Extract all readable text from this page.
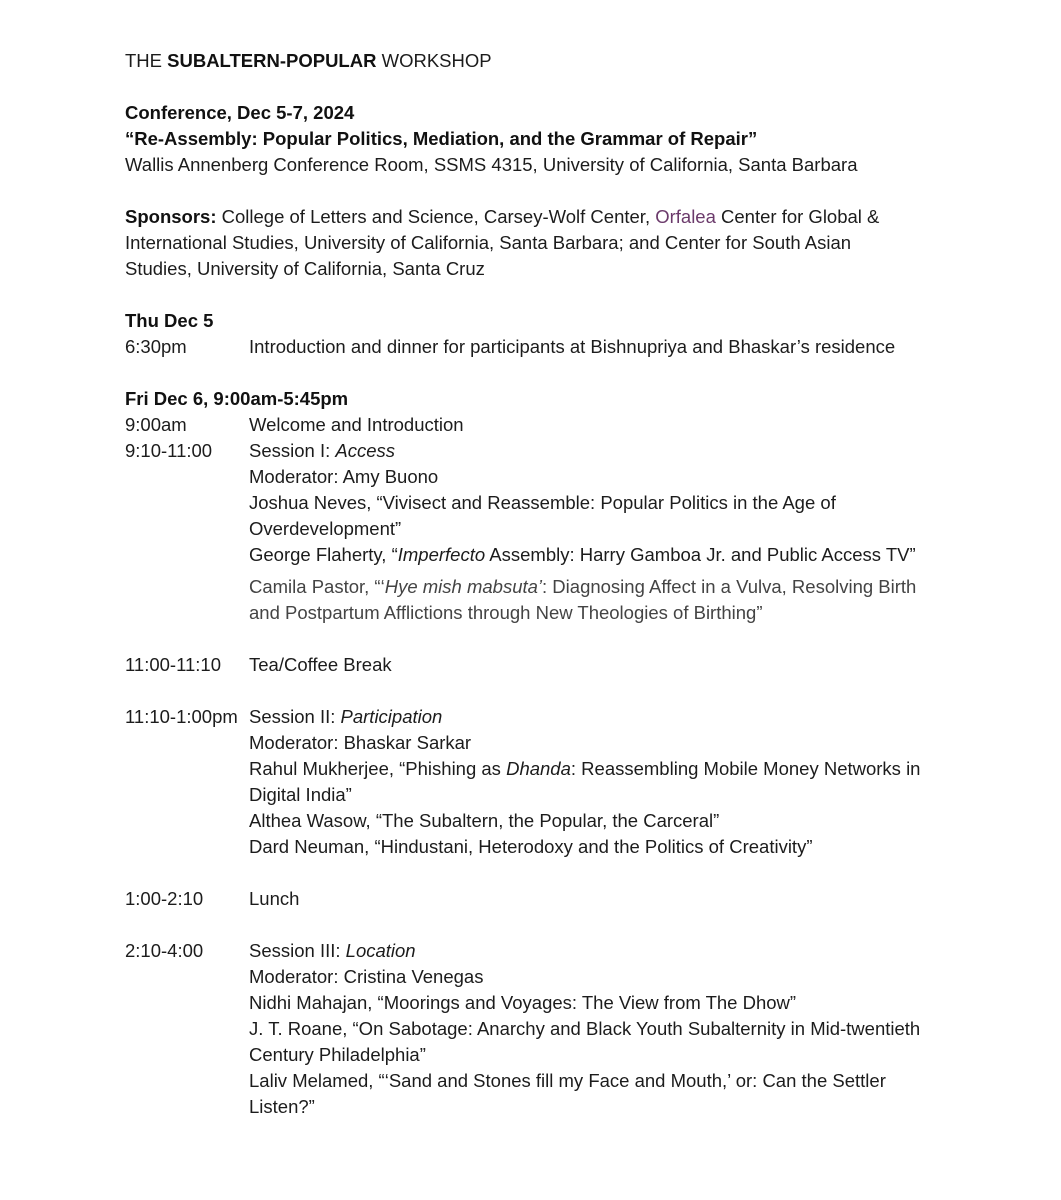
THE SUBALTERN-POPULAR WORKSHOP
Conference, Dec 5-7, 2024
“Re-Assembly: Popular Politics, Mediation, and the Grammar of Repair”
Wallis Annenberg Conference Room, SSMS 4315, University of California, Santa Barbara
Sponsors: College of Letters and Science, Carsey-Wolf Center, Orfalea Center for Global & International Studies, University of California, Santa Barbara; and Center for South Asian Studies, University of California, Santa Cruz
Thu Dec 5
6:30pm	Introduction and dinner for participants at Bishnupriya and Bhaskar’s residence
Fri Dec 6, 9:00am-5:45pm
9:00am	Welcome and Introduction
9:10-11:00	Session I: Access
Moderator: Amy Buono
Joshua Neves, “Vivisect and Reassemble: Popular Politics in the Age of Overdevelopment”
George Flaherty, “Imperfecto Assembly: Harry Gamboa Jr. and Public Access TV”
Camila Pastor, “‘Hye mish mabsuta’: Diagnosing Affect in a Vulva, Resolving Birth and Postpartum Afflictions through New Theologies of Birthing”
11:00-11:10	Tea/Coffee Break
11:10-1:00pm Session II: Participation
Moderator: Bhaskar Sarkar
Rahul Mukherjee, “Phishing as Dhanda: Reassembling Mobile Money Networks in Digital India”
Althea Wasow, “The Subaltern, the Popular, the Carceral”
Dard Neuman, “Hindustani, Heterodoxy and the Politics of Creativity”
1:00-2:10	Lunch
2:10-4:00	Session III: Location
Moderator: Cristina Venegas
Nidhi Mahajan, “Moorings and Voyages: The View from The Dhow”
J. T. Roane, “On Sabotage: Anarchy and Black Youth Subalternity in Mid-twentieth Century Philadelphia”
Laliv Melamed, “‘Sand and Stones fill my Face and Mouth,’ or: Can the Settler Listen?”
